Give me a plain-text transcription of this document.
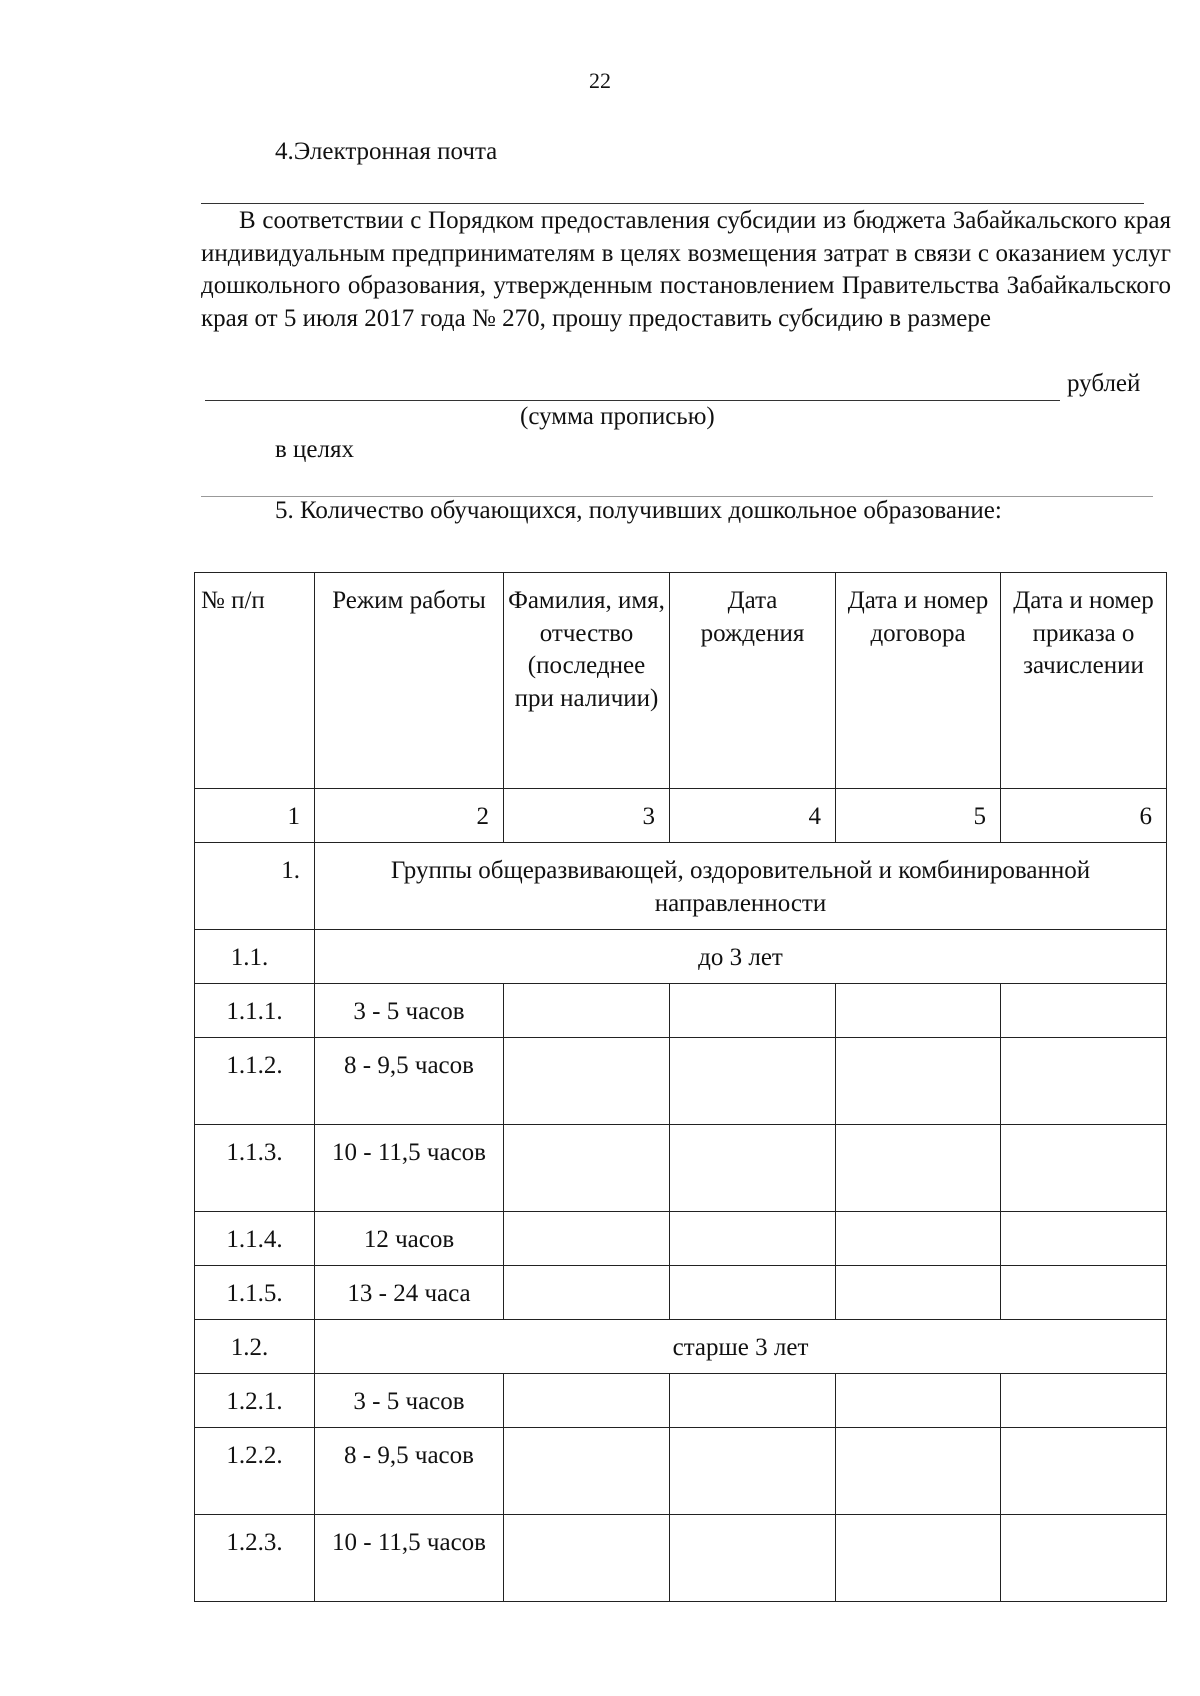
22
4.Электронная почта
В соответствии с Порядком предоставления субсидии из бюджета Забайкальского края индивидуальным предпринимателям в целях возмещения затрат в связи с оказанием услуг дошкольного образования, утвержденным постановлением Правительства Забайкальского края от 5 июля 2017 года № 270, прошу предоставить субсидию в размере
рублей
(сумма прописью)
в целях
5. Количество обучающихся, получивших дошкольное образование:
№ п/п	Режим работы	Фамилия, имя, отчество (последнее при наличии)	Дата рождения	Дата и номер договора	Дата и номер приказа о зачислении
1	2	3	4	5	6
1.	Группы общеразвивающей, оздоровительной и комбинированной направленности				
1.1.	до 3 лет				
1.1.1.	3 - 5 часов				
1.1.2.	8 - 9,5 часов				
1.1.3.	10 - 11,5 часов				
1.1.4.	12 часов				
1.1.5.	13 - 24 часа				
1.2.	старше 3 лет				
1.2.1.	3 - 5 часов				
1.2.2.	8 - 9,5 часов				
1.2.3.	10 - 11,5 часов				
